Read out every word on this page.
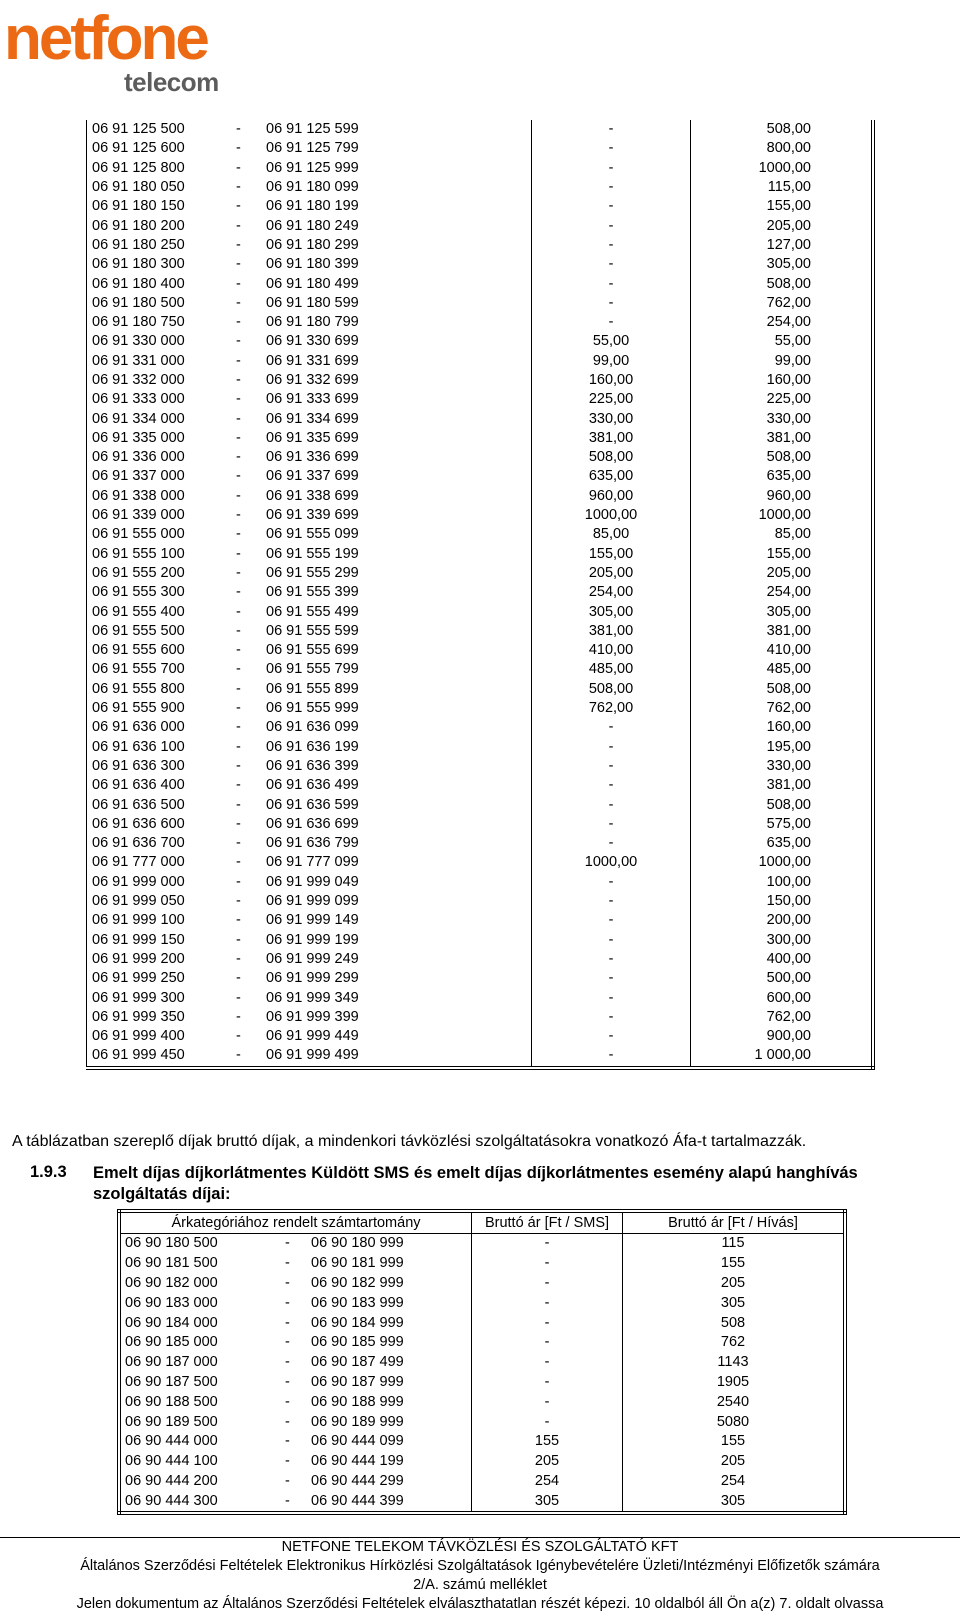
netfone
telecom
06 91 125 500	-	06 91 125 599	-	508,00
06 91 125 600	-	06 91 125 799	-	800,00
06 91 125 800	-	06 91 125 999	-	1000,00
06 91 180 050	-	06 91 180 099	-	115,00
06 91 180 150	-	06 91 180 199	-	155,00
06 91 180 200	-	06 91 180 249	-	205,00
06 91 180 250	-	06 91 180 299	-	127,00
06 91 180 300	-	06 91 180 399	-	305,00
06 91 180 400	-	06 91 180 499	-	508,00
06 91 180 500	-	06 91 180 599	-	762,00
06 91 180 750	-	06 91 180 799	-	254,00
06 91 330 000	-	06 91 330 699	55,00	55,00
06 91 331 000	-	06 91 331 699	99,00	99,00
06 91 332 000	-	06 91 332 699	160,00	160,00
06 91 333 000	-	06 91 333 699	225,00	225,00
06 91 334 000	-	06 91 334 699	330,00	330,00
06 91 335 000	-	06 91 335 699	381,00	381,00
06 91 336 000	-	06 91 336 699	508,00	508,00
06 91 337 000	-	06 91 337 699	635,00	635,00
06 91 338 000	-	06 91 338 699	960,00	960,00
06 91 339 000	-	06 91 339 699	1000,00	1000,00
06 91 555 000	-	06 91 555 099	85,00	85,00
06 91 555 100	-	06 91 555 199	155,00	155,00
06 91 555 200	-	06 91 555 299	205,00	205,00
06 91 555 300	-	06 91 555 399	254,00	254,00
06 91 555 400	-	06 91 555 499	305,00	305,00
06 91 555 500	-	06 91 555 599	381,00	381,00
06 91 555 600	-	06 91 555 699	410,00	410,00
06 91 555 700	-	06 91 555 799	485,00	485,00
06 91 555 800	-	06 91 555 899	508,00	508,00
06 91 555 900	-	06 91 555 999	762,00	762,00
06 91 636 000	-	06 91 636 099	-	160,00
06 91 636 100	-	06 91 636 199	-	195,00
06 91 636 300	-	06 91 636 399	-	330,00
06 91 636 400	-	06 91 636 499	-	381,00
06 91 636 500	-	06 91 636 599	-	508,00
06 91 636 600	-	06 91 636 699	-	575,00
06 91 636 700	-	06 91 636 799	-	635,00
06 91 777 000	-	06 91 777 099	1000,00	1000,00
06 91 999 000	-	06 91 999 049	-	100,00
06 91 999 050	-	06 91 999 099	-	150,00
06 91 999 100	-	06 91 999 149	-	200,00
06 91 999 150	-	06 91 999 199	-	300,00
06 91 999 200	-	06 91 999 249	-	400,00
06 91 999 250	-	06 91 999 299	-	500,00
06 91 999 300	-	06 91 999 349	-	600,00
06 91 999 350	-	06 91 999 399	-	762,00
06 91 999 400	-	06 91 999 449	-	900,00
06 91 999 450	-	06 91 999 499	-	1 000,00
A táblázatban szereplő díjak bruttó díjak, a mindenkori távközlési szolgáltatásokra vonatkozó Áfa-t tartalmazzák.
1.9.3 Emelt díjas díjkorlátmentes Küldött SMS és emelt díjas díjkorlátmentes esemény alapú hanghívás szolgáltatás díjai:
Árkategóriához rendelt számtartomány			Bruttó ár [Ft / SMS]	Bruttó ár [Ft / Hívás]
06 90 180 500	-	06 90 180 999	-	115
06 90 181 500	-	06 90 181 999	-	155
06 90 182 000	-	06 90 182 999	-	205
06 90 183 000	-	06 90 183 999	-	305
06 90 184 000	-	06 90 184 999	-	508
06 90 185 000	-	06 90 185 999	-	762
06 90 187 000	-	06 90 187 499	-	1143
06 90 187 500	-	06 90 187 999	-	1905
06 90 188 500	-	06 90 188 999	-	2540
06 90 189 500	-	06 90 189 999	-	5080
06 90 444 000	-	06 90 444 099	155	155
06 90 444 100	-	06 90 444 199	205	205
06 90 444 200	-	06 90 444 299	254	254
06 90 444 300	-	06 90 444 399	305	305
NETFONE TELEKOM TÁVKÖZLÉSI ÉS SZOLGÁLTATÓ KFT
Általános Szerződési Feltételek Elektronikus Hírközlési Szolgáltatások Igénybevételére Üzleti/Intézményi Előfizetők számára
2/A. számú melléklet
Jelen dokumentum az Általános Szerződési Feltételek elválaszthatatlan részét képezi. 10 oldalból áll Ön a(z) 7. oldalt olvassa
